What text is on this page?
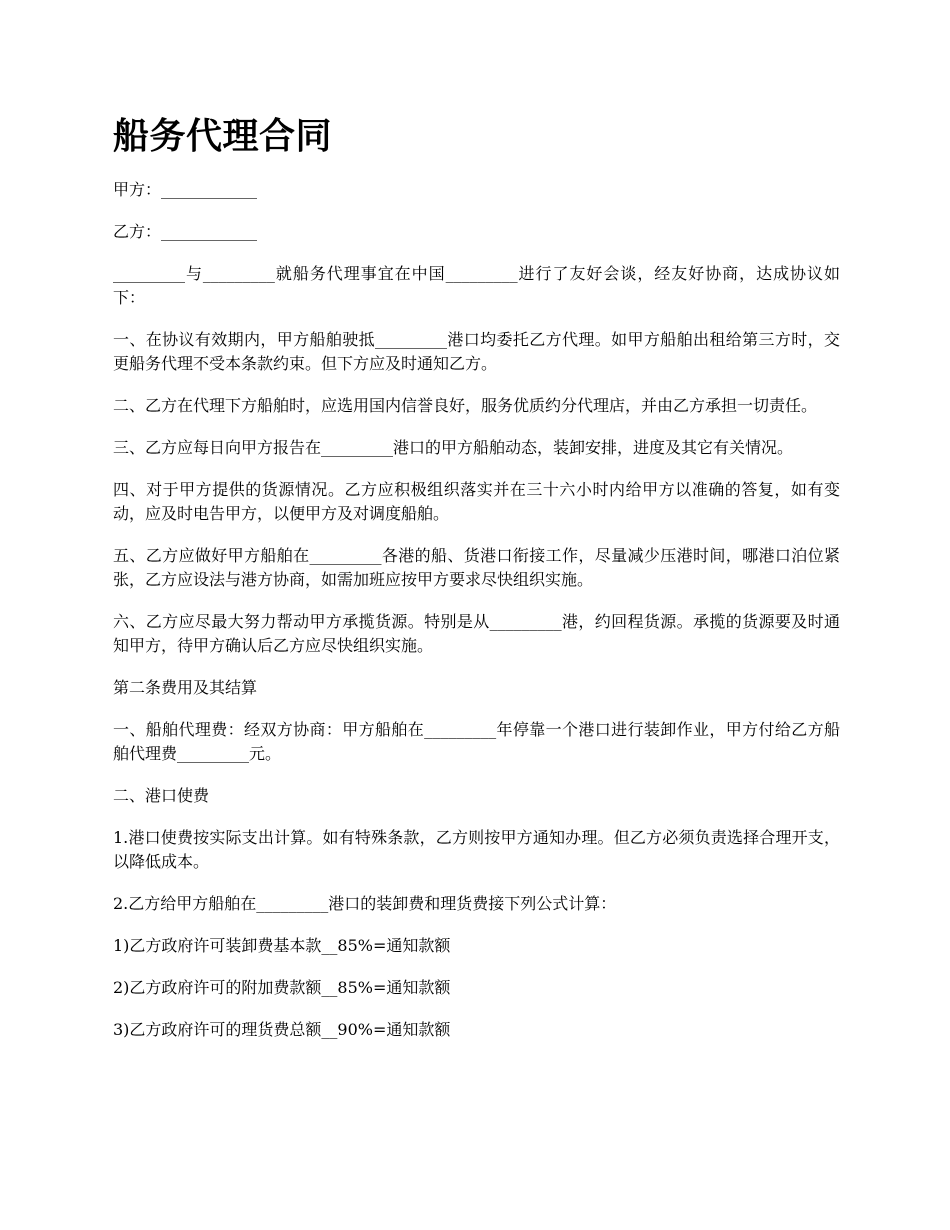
船务代理合同

甲方：____________

乙方：____________

_________与_________就船务代理事宜在中国_________进行了友好会谈，经友好协商，达成协议如下：

一、在协议有效期内，甲方船舶驶抵_________港口均委托乙方代理。如甲方船舶出租给第三方时，交更船务代理不受本条款约束。但下方应及时通知乙方。

二、乙方在代理下方船舶时，应选用国内信誉良好，服务优质约分代理店，并由乙方承担一切责任。

三、乙方应每日向甲方报告在_________港口的甲方船舶动态，装卸安排，进度及其它有关情况。

四、对于甲方提供的货源情况。乙方应积极组织落实并在三十六小时内给甲方以准确的答复，如有变动，应及时电告甲方，以便甲方及对调度船舶。

五、乙方应做好甲方船舶在_________各港的船、货港口衔接工作，尽量减少压港时间，哪港口泊位紧张，乙方应设法与港方协商，如需加班应按甲方要求尽快组织实施。

六、乙方应尽最大努力帮动甲方承揽货源。特别是从_________港，约回程货源。承揽的货源要及时通知甲方，待甲方确认后乙方应尽快组织实施。

第二条费用及其结算

一、船舶代理费：经双方协商：甲方船舶在_________年停靠一个港口进行装卸作业，甲方付给乙方船舶代理费_________元。

二、港口使费

1.港口使费按实际支出计算。如有特殊条款，乙方则按甲方通知办理。但乙方必须负责选择合理开支，以降低成本。

2.乙方给甲方船舶在_________港口的装卸费和理货费接下列公式计算：

1)乙方政府许可装卸费基本款__85%=通知款额

2)乙方政府许可的附加费款额__85%=通知款额

3)乙方政府许可的理货费总额__90%=通知款额
